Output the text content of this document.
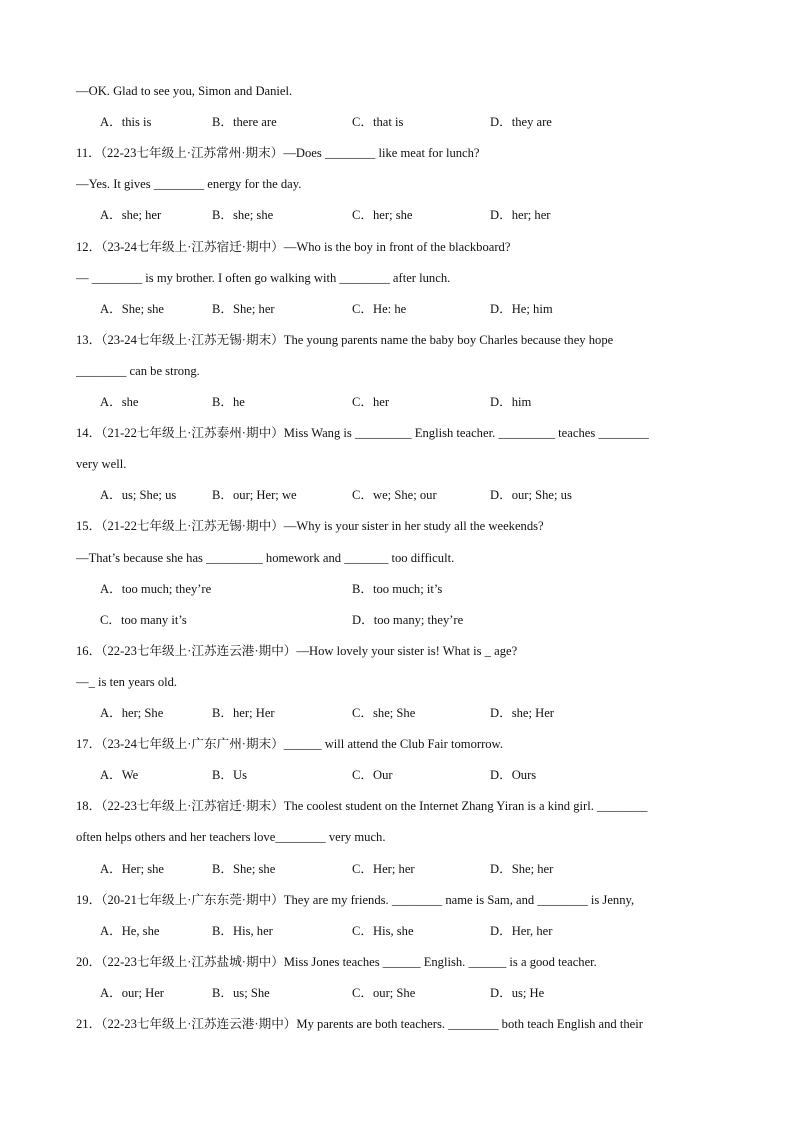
—OK. Glad to see you, Simon and Daniel.
A．this is	B．there are	C．that is	D．they are
11．（22-23七年级上·江苏常州·期末）—Does ________ like meat for lunch?
—Yes. It gives ________ energy for the day.
A．she; her	B．she; she	C．her; she	D．her; her
12．（23-24七年级上·江苏宿迁·期中）—Who is the boy in front of the blackboard?
— ________ is my brother. I often go walking with ________ after lunch.
A．She; she	B．She; her	C．He: he	D．He; him
13．（23-24七年级上·江苏无锡·期末）The young parents name the baby boy Charles because they hope
________ can be strong.
A．she	B．he	C．her	D．him
14．（21-22七年级上·江苏泰州·期中）Miss Wang is _________ English teacher. _________ teaches ________
very well.
A．us; She; us	B．our; Her; we	C．we; She; our	D．our; She; us
15．（21-22七年级上·江苏无锡·期中）—Why is your sister in her study all the weekends?
—That’s because she has _________ homework and _______ too difficult.
A．too much; they’re	B．too much; it’s
C．too many it’s	D．too many; they’re
16．（22-23七年级上·江苏连云港·期中）—How lovely your sister is! What is _ age?
—_ is ten years old.
A．her; She	B．her; Her	C．she; She	D．she; Her
17．（23-24七年级上·广东广州·期末）______ will attend the Club Fair tomorrow.
A．We	B．Us	C．Our	D．Ours
18．（22-23七年级上·江苏宿迁·期末）The coolest student on the Internet Zhang Yiran is a kind girl. ________
often helps others and her teachers love________ very much.
A．Her; she	B．She; she	C．Her; her	D．She; her
19．（20-21七年级上·广东东莞·期中）They are my friends. ________ name is Sam, and ________ is Jenny,
A．He, she	B．His, her	C．His, she	D．Her, her
20．（22-23七年级上·江苏盐城·期中）Miss Jones teaches ______ English. ______ is a good teacher.
A．our; Her	B．us; She	C．our; She	D．us; He
21．（22-23七年级上·江苏连云港·期中）My parents are both teachers. ________ both teach English and their
